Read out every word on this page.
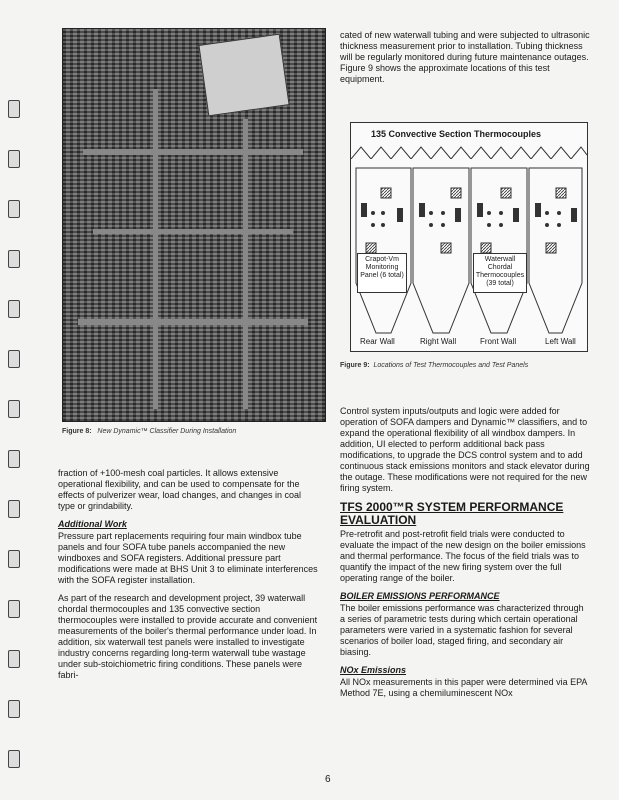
Figure 8: New Dynamic™ Classifier During Installation

cated of new waterwall tubing and were subjected to ultrasonic thickness measurement prior to installation. Tubing thickness will be regularly monitored during future maintenance outages. Figure 9 shows the approximate locations of this test equipment.

135 Convective Section Thermocouples
Crapot-Vm Monitoring Panel (6 total)
Waterwall Chordal Thermocouples (39 total)
Rear Wall	Right Wall	Front Wall	Left Wall
Figure 9: Locations of Test Thermocouples and Test Panels

Control system inputs/outputs and logic were added for operation of SOFA dampers and Dynamic™ classifiers, and to expand the operational flexibility of all windbox dampers. In addition, UI elected to perform additional back pass modifications, to upgrade the DCS control system and to add continuous stack emissions monitors and stack elevator during the outage. These modifications were not required for the new firing system.

TFS 2000™R SYSTEM PERFORMANCE EVALUATION

Pre-retrofit and post-retrofit field trials were conducted to evaluate the impact of the new design on the boiler emissions and thermal performance. The focus of the field trials was to quantify the impact of the new firing system over the full operating range of the boiler.

BOILER EMISSIONS PERFORMANCE

The boiler emissions performance was characterized through a series of parametric tests during which certain operational parameters were varied in a systematic fashion for several scenarios of boiler load, staged firing, and secondary air biasing.

NOx Emissions

All NOx measurements in this paper were determined via EPA Method 7E, using a chemiluminescent NOx

fraction of +100-mesh coal particles. It allows extensive operational flexibility, and can be used to compensate for the effects of pulverizer wear, load changes, and changes in coal type or grindability.

Additional Work

Pressure part replacements requiring four main windbox tube panels and four SOFA tube panels accompanied the new windboxes and SOFA registers. Additional pressure part modifications were made at BHS Unit 3 to eliminate interferences with the SOFA register installation.

As part of the research and development project, 39 waterwall chordal thermocouples and 135 convective section thermocouples were installed to provide accurate and convenient measurements of the boiler's thermal performance under load. In addition, six waterwall test panels were installed to investigate industry concerns regarding long-term waterwall tube wastage under sub-stoichiometric firing conditions. These panels were fabri-

6
